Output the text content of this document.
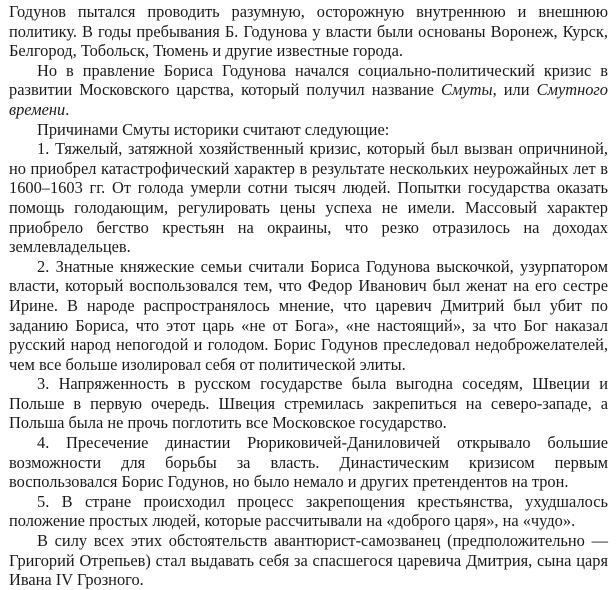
Годунов пытался проводить разумную, осторожную внутреннюю и внешнюю политику. В годы пребывания Б. Годунова у власти были основаны Воронеж, Курск, Белгород, Тобольск, Тюмень и другие известные города.

Но в правление Бориса Годунова начался социально-политический кризис в развитии Московского царства, который получил название Смуты, или Смутного времени.

Причинами Смуты историки считают следующие:

1. Тяжелый, затяжной хозяйственный кризис, который был вызван опричниной, но приобрел катастрофический характер в результате нескольких неурожайных лет в 1600–1603 гг. От голода умерли сотни тысяч людей. Попытки государства оказать помощь голодающим, регулировать цены успеха не имели. Массовый характер приобрело бегство крестьян на окраины, что резко отразилось на доходах землевладельцев.

2. Знатные княжеские семьи считали Бориса Годунова выскочкой, узурпатором власти, который воспользовался тем, что Федор Иванович был женат на его сестре Ирине. В народе распространялось мнение, что царевич Дмитрий был убит по заданию Бориса, что этот царь «не от Бога», «не настоящий», за что Бог наказал русский народ непогодой и голодом. Борис Годунов преследовал недоброжелателей, чем все больше изолировал себя от политической элиты.

3. Напряженность в русском государстве была выгодна соседям, Швеции и Польше в первую очередь. Швеция стремилась закрепиться на северо-западе, а Польша была не прочь поглотить все Московское государство.

4. Пресечение династии Рюриковичей-Даниловичей открывало большие возможности для борьбы за власть. Династическим кризисом первым воспользовался Борис Годунов, но было немало и других претендентов на трон.

5. В стране происходил процесс закрепощения крестьянства, ухудшалось положение простых людей, которые рассчитывали на «доброго царя», на «чудо».

В силу всех этих обстоятельств авантюрист-самозванец (предположительно — Григорий Отрепьев) стал выдавать себя за спасшегося царевича Дмитрия, сына царя Ивана IV Грозного.
